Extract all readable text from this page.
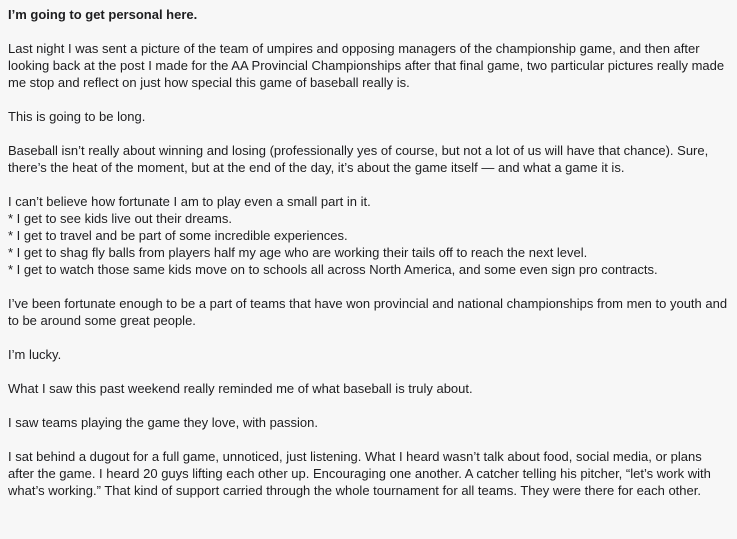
I’m going to get personal here.

Last night I was sent a picture of the team of umpires and opposing managers of the championship game, and then after looking back at the post I made for the AA Provincial Championships after that final game, two particular pictures really made me stop and reflect on just how special this game of baseball really is.

This is going to be long.

Baseball isn’t really about winning and losing (professionally yes of course, but not a lot of us will have that chance). Sure, there’s the heat of the moment, but at the end of the day, it’s about the game itself — and what a game it is.

I can’t believe how fortunate I am to play even a small part in it.

* I get to see kids live out their dreams.
* I get to travel and be part of some incredible experiences.
* I get to shag fly balls from players half my age who are working their tails off to reach the next level.
* I get to watch those same kids move on to schools all across North America, and some even sign pro contracts.

I’ve been fortunate enough to be a part of teams that have won provincial and national championships from men to youth and to be around some great people.

I’m lucky.

What I saw this past weekend really reminded me of what baseball is truly about.

I saw teams playing the game they love, with passion.

I sat behind a dugout for a full game, unnoticed, just listening. What I heard wasn’t talk about food, social media, or plans after the game. I heard 20 guys lifting each other up. Encouraging one another. A catcher telling his pitcher, “let’s work with what’s working.” That kind of support carried through the whole tournament for all teams. They were there for each other.
